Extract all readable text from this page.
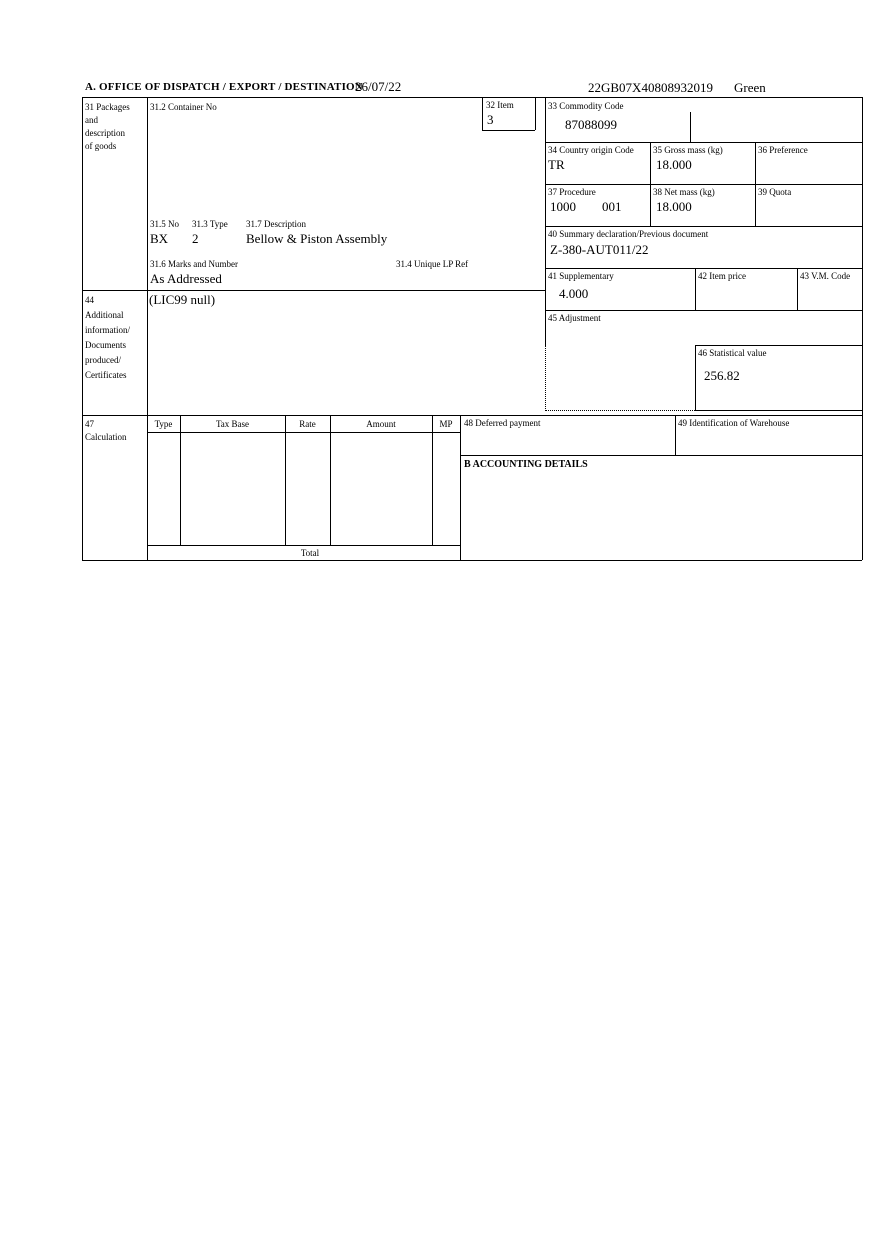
A. OFFICE OF DISPATCH / EXPORT / DESTINATION
26/07/22	22GB07X40808932019 Green
31 Packages
and
description
of goods
31.2 Container No	32 Item
3
33 Commodity Code
87088099
34 Country origin Code
TR
35 Gross mass (kg)
18.000
36 Preference
37 Procedure
1000 001
38 Net mass (kg)
18.000
39 Quota
40 Summary declaration/Previous document
Z-380-AUT011/22
41 Supplementary
4.000
42 Item price	43 V.M. Code
45 Adjustment
46 Statistical value
256.82
31.5 No 31.3 Type 31.7 Description
BX 2	Bellow & Piston Assembly
31.6 Marks and Number	31.4 Unique LP Ref
As Addressed
44
Additional
information/
Documents
produced/
Certificates
(LIC99 null)
47
Calculation
Type	Tax Base	Rate	Amount	MP
Total
48 Deferred payment	49 Identification of Warehouse
B ACCOUNTING DETAILS
